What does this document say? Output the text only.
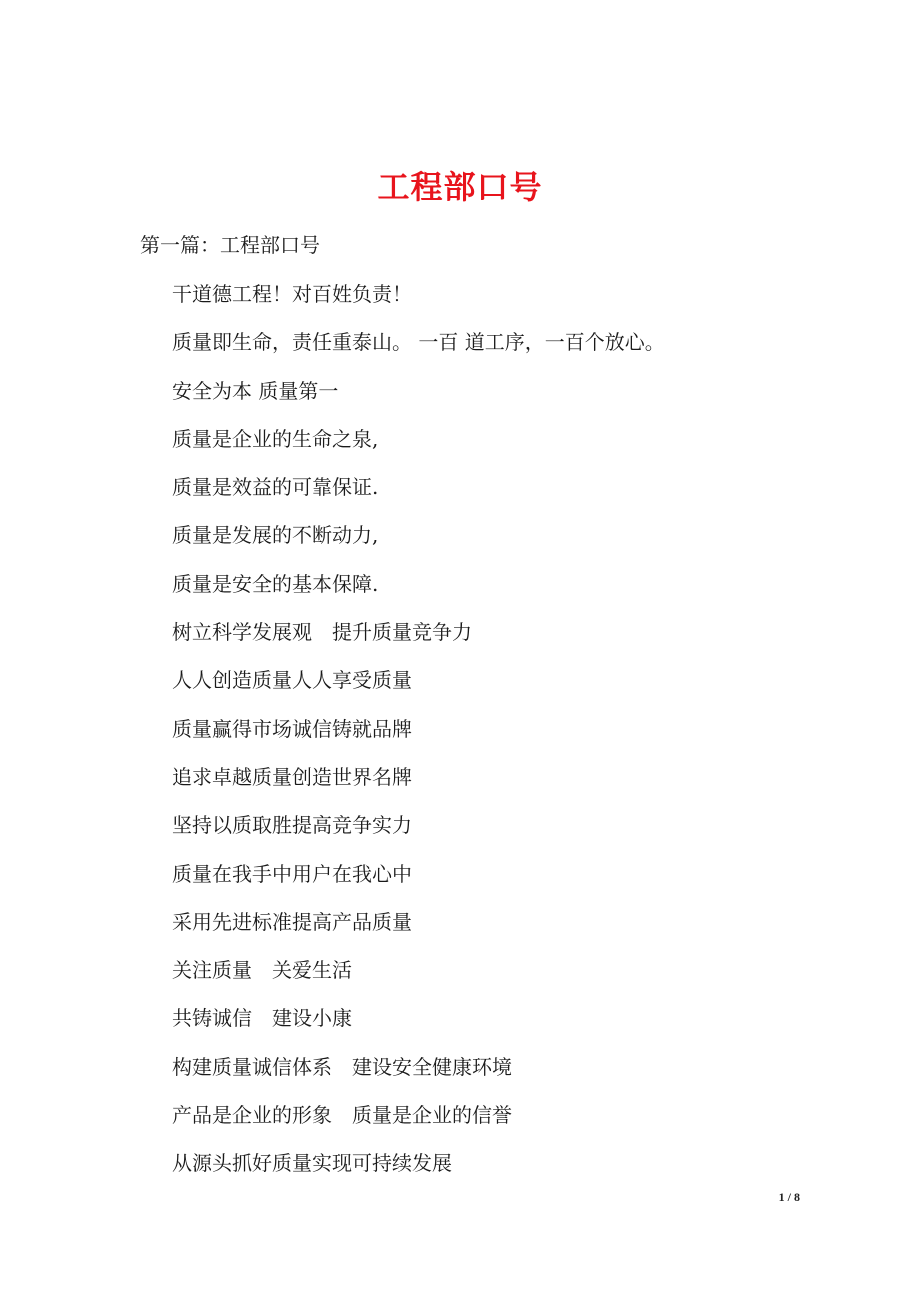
工程部口号

第一篇：工程部口号

干道德工程！对百姓负责！
质量即生命，责任重泰山。 一百 道工序，一百个放心。
安全为本 质量第一
质量是企业的生命之泉,
质量是效益的可靠保证.
质量是发展的不断动力,
质量是安全的基本保障.
树立科学发展观　提升质量竞争力
人人创造质量人人享受质量
质量赢得市场诚信铸就品牌
追求卓越质量创造世界名牌
坚持以质取胜提高竞争实力
质量在我手中用户在我心中
采用先进标准提高产品质量
关注质量　关爱生活
共铸诚信　建设小康
构建质量诚信体系　建设安全健康环境
产品是企业的形象　质量是企业的信誉
从源头抓好质量实现可持续发展
1 / 8
